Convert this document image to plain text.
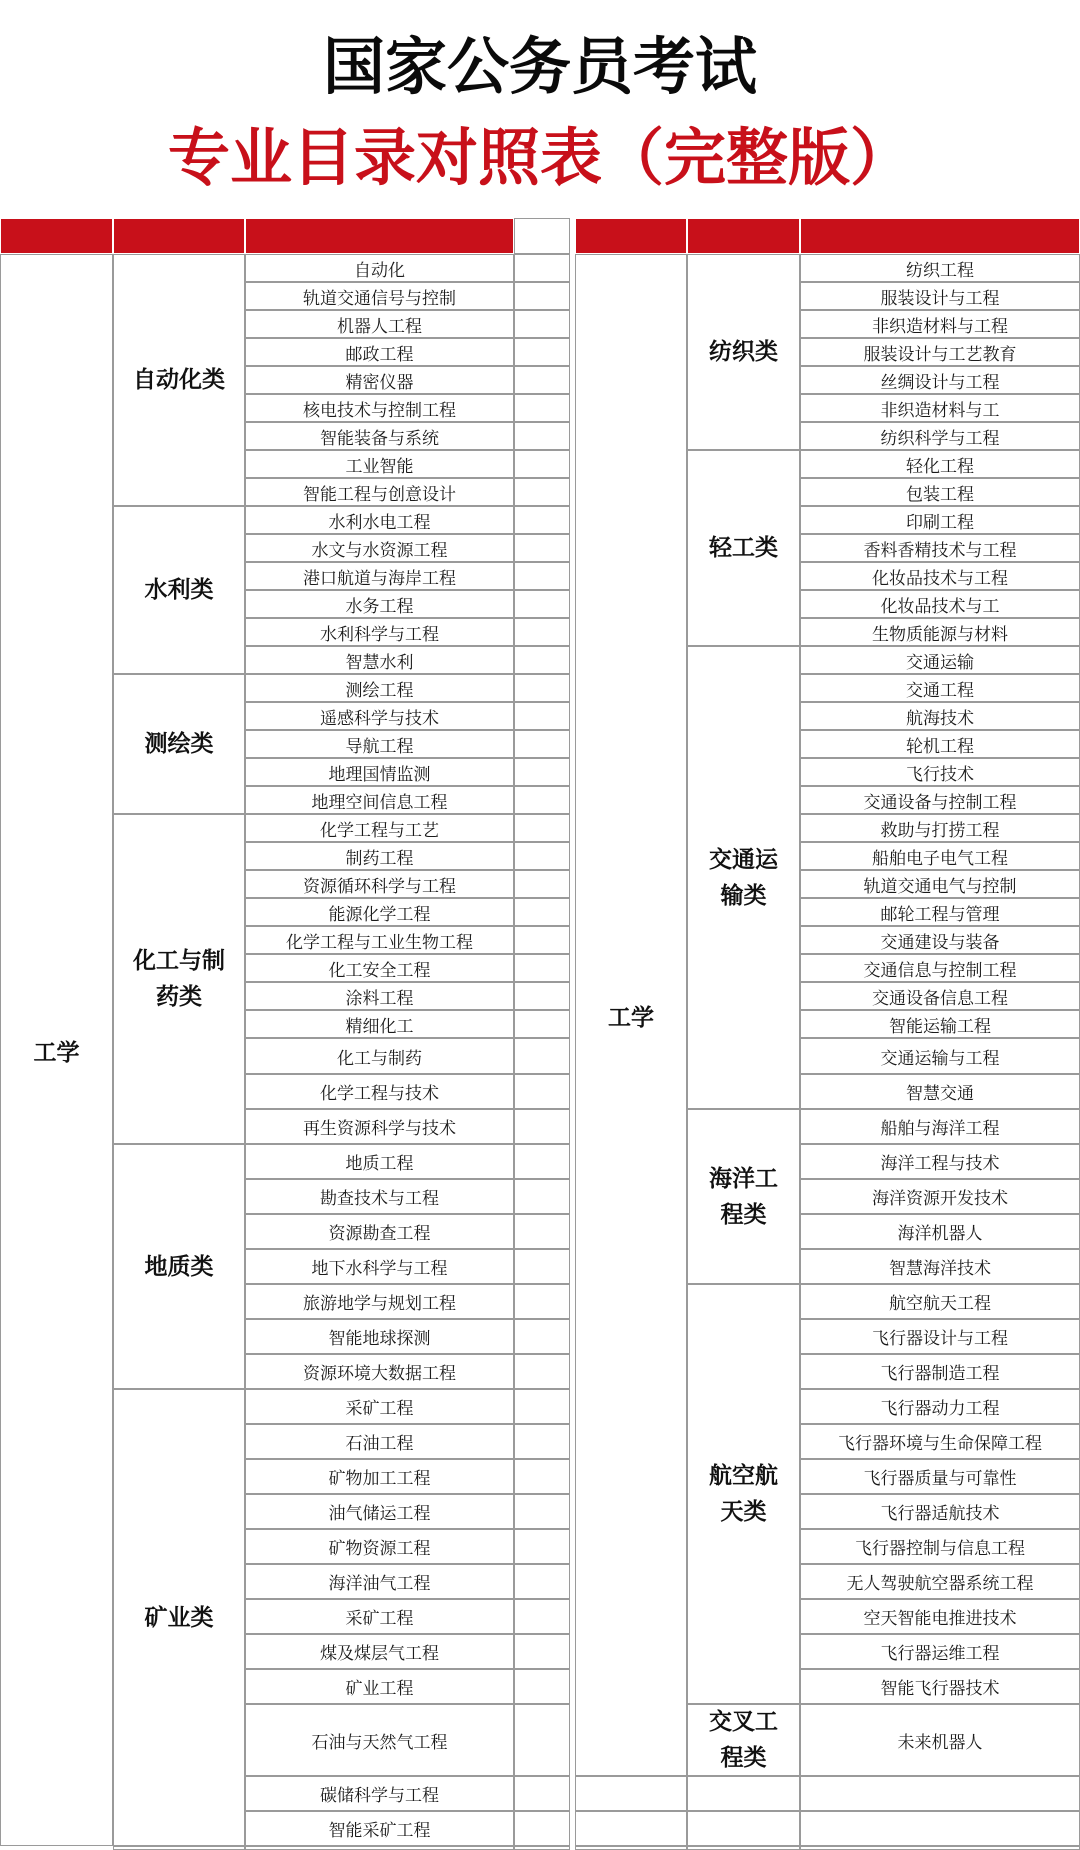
国家公务员考试
专业目录对照表（完整版）
自动化
轨道交通信号与控制
机器人工程
邮政工程
精密仪器
核电技术与控制工程
智能装备与系统
工业智能
智能工程与创意设计
自动化类
水利水电工程
水文与水资源工程
港口航道与海岸工程
水务工程
水利科学与工程
智慧水利
水利类
测绘工程
遥感科学与技术
导航工程
地理国情监测
地理空间信息工程
测绘类
化学工程与工艺
制药工程
资源循环科学与工程
能源化学工程
化学工程与工业生物工程
化工安全工程
涂料工程
精细化工
化工与制药
化学工程与技术
再生资源科学与技术
化工与制药类
地质工程
勘查技术与工程
资源勘查工程
地下水科学与工程
旅游地学与规划工程
智能地球探测
资源环境大数据工程
地质类
采矿工程
石油工程
矿物加工工程
油气储运工程
矿物资源工程
海洋油气工程
采矿工程
煤及煤层气工程
矿业工程
石油与天然气工程
碳储科学与工程
智能采矿工程
矿业类
工学
纺织工程
服装设计与工程
非织造材料与工程
服装设计与工艺教育
丝绸设计与工程
非织造材料与工
纺织科学与工程
纺织类
轻化工程
包装工程
印刷工程
香料香精技术与工程
化妆品技术与工程
化妆品技术与工
生物质能源与材料
轻工类
交通运输
交通工程
航海技术
轮机工程
飞行技术
交通设备与控制工程
救助与打捞工程
船舶电子电气工程
轨道交通电气与控制
邮轮工程与管理
交通建设与装备
交通信息与控制工程
交通设备信息工程
智能运输工程
交通运输与工程
智慧交通
交通运输类
船舶与海洋工程
海洋工程与技术
海洋资源开发技术
海洋机器人
智慧海洋技术
海洋工程类
航空航天工程
飞行器设计与工程
飞行器制造工程
飞行器动力工程
飞行器环境与生命保障工程
飞行器质量与可靠性
飞行器适航技术
飞行器控制与信息工程
无人驾驶航空器系统工程
空天智能电推进技术
飞行器运维工程
智能飞行器技术
航空航天类
未来机器人
交叉工程类
工学
